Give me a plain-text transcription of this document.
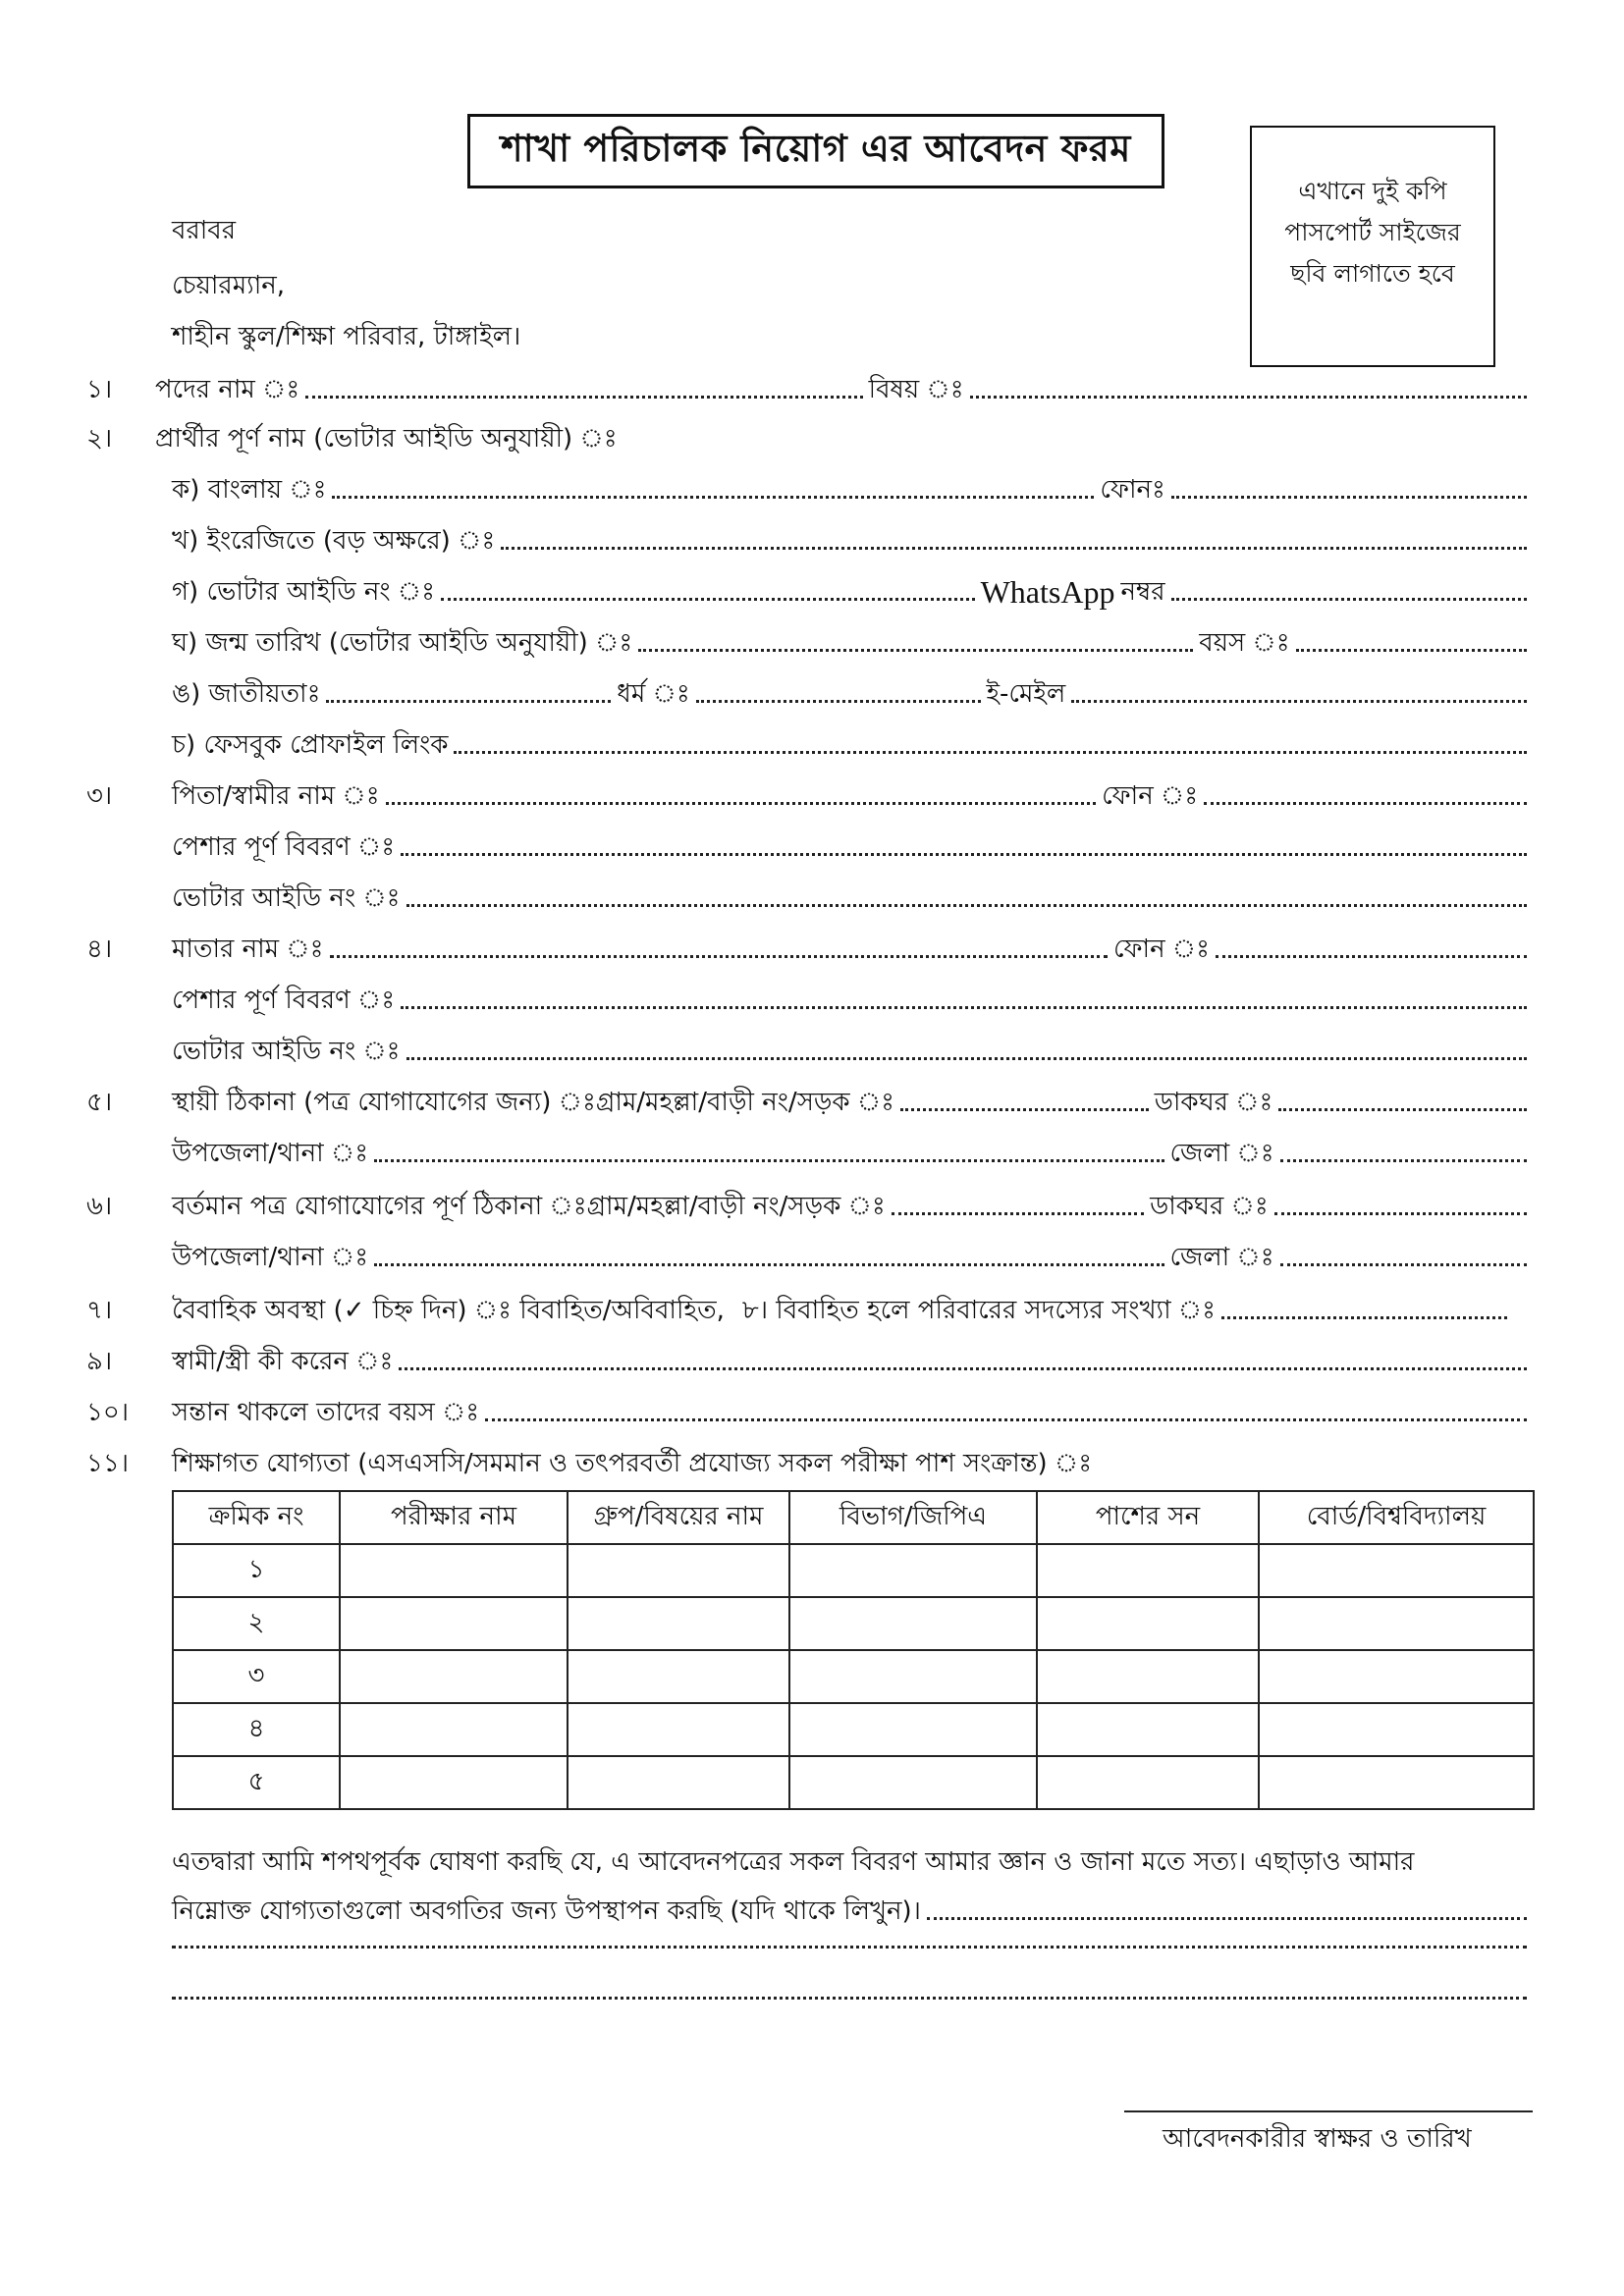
শাখা পরিচালক নিয়োগ এর আবেদন ফরম
এখানে দুই কপি
পাসপোর্ট সাইজের
ছবি লাগাতে হবে
বরাবর
চেয়ারম্যান,
শাহীন স্কুল/শিক্ষা পরিবার, টাঙ্গাইল।
১। পদের নাম ঃ	বিষয় ঃ
২। প্রার্থীর পূর্ণ নাম (ভোটার আইডি অনুযায়ী) ঃ
ক) বাংলায় ঃ	ফোনঃ
খ) ইংরেজিতে (বড় অক্ষরে) ঃ
গ) ভোটার আইডি নং ঃ	WhatsApp নম্বর
ঘ) জন্ম তারিখ (ভোটার আইডি অনুযায়ী) ঃ	বয়স ঃ
ঙ) জাতীয়তাঃ	ধর্ম ঃ	ই-মেইল
চ) ফেসবুক প্রোফাইল লিংক
৩। পিতা/স্বামীর নাম ঃ	ফোন ঃ
পেশার পূর্ণ বিবরণ ঃ
ভোটার আইডি নং ঃ
৪। মাতার নাম ঃ	ফোন ঃ
পেশার পূর্ণ বিবরণ ঃ
ভোটার আইডি নং ঃ
৫। স্থায়ী ঠিকানা (পত্র যোগাযোগের জন্য) ঃগ্রাম/মহল্লা/বাড়ী নং/সড়ক ঃ	ডাকঘর ঃ
উপজেলা/থানা ঃ	জেলা ঃ
৬। বর্তমান পত্র যোগাযোগের পূর্ণ ঠিকানা ঃগ্রাম/মহল্লা/বাড়ী নং/সড়ক ঃ	ডাকঘর ঃ
উপজেলা/থানা ঃ	জেলা ঃ
৭। বৈবাহিক অবস্থা (✓ চিহ্ন দিন) ঃ বিবাহিত/অবিবাহিত, ৮। বিবাহিত হলে পরিবারের সদস্যের সংখ্যা ঃ
৯। স্বামী/স্ত্রী কী করেন ঃ
১০। সন্তান থাকলে তাদের বয়স ঃ
১১। শিক্ষাগত যোগ্যতা (এসএসসি/সমমান ও তৎপরবর্তী প্রযোজ্য সকল পরীক্ষা পাশ সংক্রান্ত) ঃ
ক্রমিক নং	পরীক্ষার নাম	গ্রুপ/বিষয়ের নাম	বিভাগ/জিপিএ	পাশের সন	বোর্ড/বিশ্ববিদ্যালয়
১					
২					
৩					
৪					
৫					
এতদ্বারা আমি শপথপূর্বক ঘোষণা করছি যে, এ আবেদনপত্রের সকল বিবরণ আমার জ্ঞান ও জানা মতে সত্য। এছাড়াও আমার
নিম্নোক্ত যোগ্যতাগুলো অবগতির জন্য উপস্থাপন করছি (যদি থাকে লিখুন)।
আবেদনকারীর স্বাক্ষর ও তারিখ
